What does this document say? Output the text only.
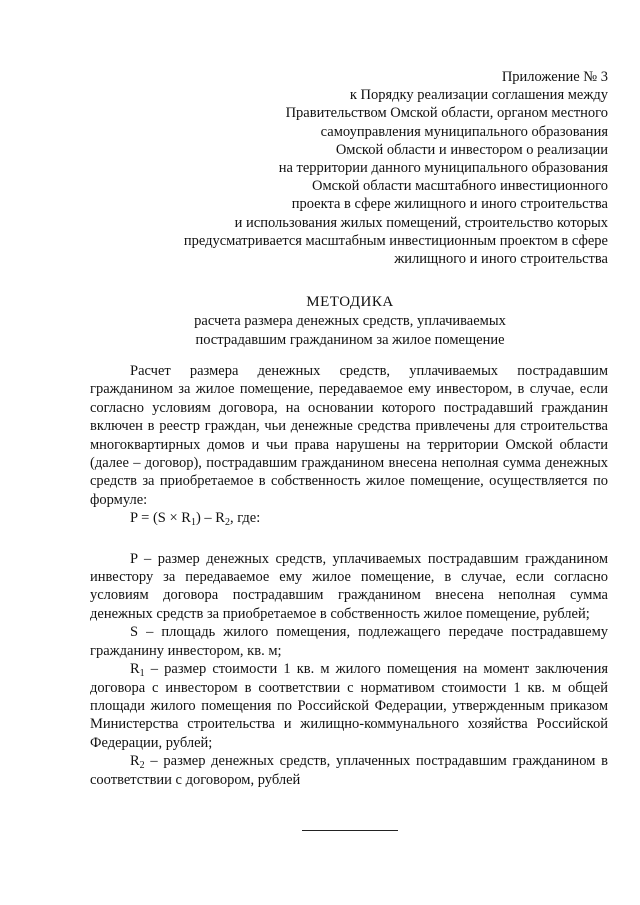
Приложение № 3
к Порядку реализации соглашения между
Правительством Омской области, органом местного
самоуправления муниципального образования
Омской области и инвестором о реализации
на территории данного муниципального образования
Омской области масштабного инвестиционного
проекта в сфере жилищного и иного строительства
и использования жилых помещений, строительство которых
предусматривается масштабным инвестиционным проектом в сфере
жилищного и иного строительства
МЕТОДИКА
расчета размера денежных средств, уплачиваемых
пострадавшим гражданином за жилое помещение

Расчет размера денежных средств, уплачиваемых пострадавшим гражданином за жилое помещение, передаваемое ему инвестором, в случае, если согласно условиям договора, на основании которого пострадавший гражданин включен в реестр граждан, чьи денежные средства привлечены для строительства многоквартирных домов и чьи права нарушены на территории Омской области (далее – договор), пострадавшим гражданином внесена неполная сумма денежных средств за приобретаемое в собственность жилое помещение, осуществляется по формуле:

$P = (S \times R_1) - R_2$, где:

P – размер денежных средств, уплачиваемых пострадавшим гражданином инвестору за передаваемое ему жилое помещение, в случае, если согласно условиям договора пострадавшим гражданином внесена неполная сумма денежных средств за приобретаемое в собственность жилое помещение, рублей;

S – площадь жилого помещения, подлежащего передаче пострадавшему гражданину инвестором, кв. м;

$R_1$ – размер стоимости 1 кв. м жилого помещения на момент заключения договора с инвестором в соответствии с нормативом стоимости 1 кв. м общей площади жилого помещения по Российской Федерации, утвержденным приказом Министерства строительства и жилищно-коммунального хозяйства Российской Федерации, рублей;

$R_2$ – размер денежных средств, уплаченных пострадавшим гражданином в соответствии с договором, рублей
